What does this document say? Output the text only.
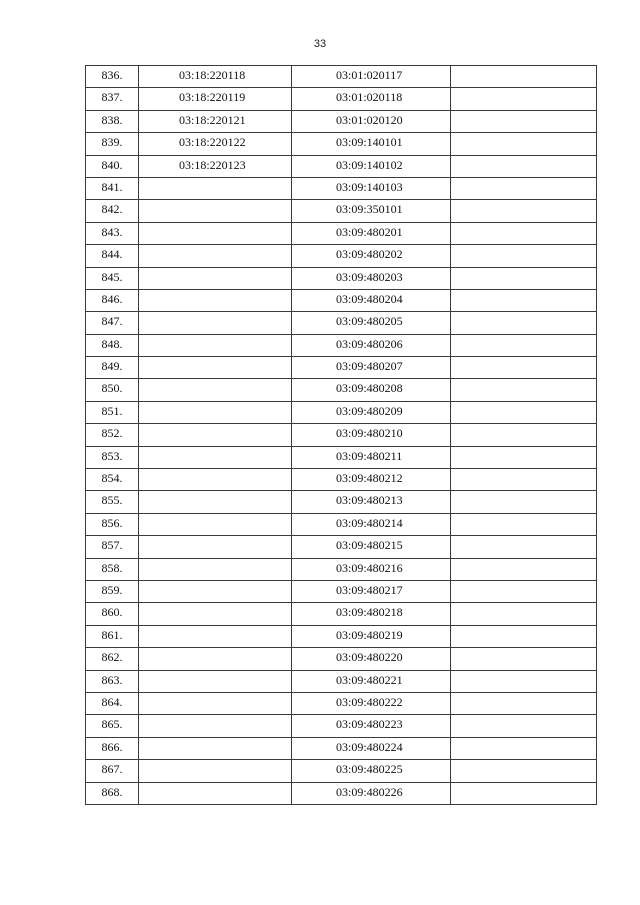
33
836.	03:18:220118	03:01:020117	
837.	03:18:220119	03:01:020118	
838.	03:18:220121	03:01:020120	
839.	03:18:220122	03:09:140101	
840.	03:18:220123	03:09:140102	
841.		03:09:140103	
842.		03:09:350101	
843.		03:09:480201	
844.		03:09:480202	
845.		03:09:480203	
846.		03:09:480204	
847.		03:09:480205	
848.		03:09:480206	
849.		03:09:480207	
850.		03:09:480208	
851.		03:09:480209	
852.		03:09:480210	
853.		03:09:480211	
854.		03:09:480212	
855.		03:09:480213	
856.		03:09:480214	
857.		03:09:480215	
858.		03:09:480216	
859.		03:09:480217	
860.		03:09:480218	
861.		03:09:480219	
862.		03:09:480220	
863.		03:09:480221	
864.		03:09:480222	
865.		03:09:480223	
866.		03:09:480224	
867.		03:09:480225	
868.		03:09:480226	
